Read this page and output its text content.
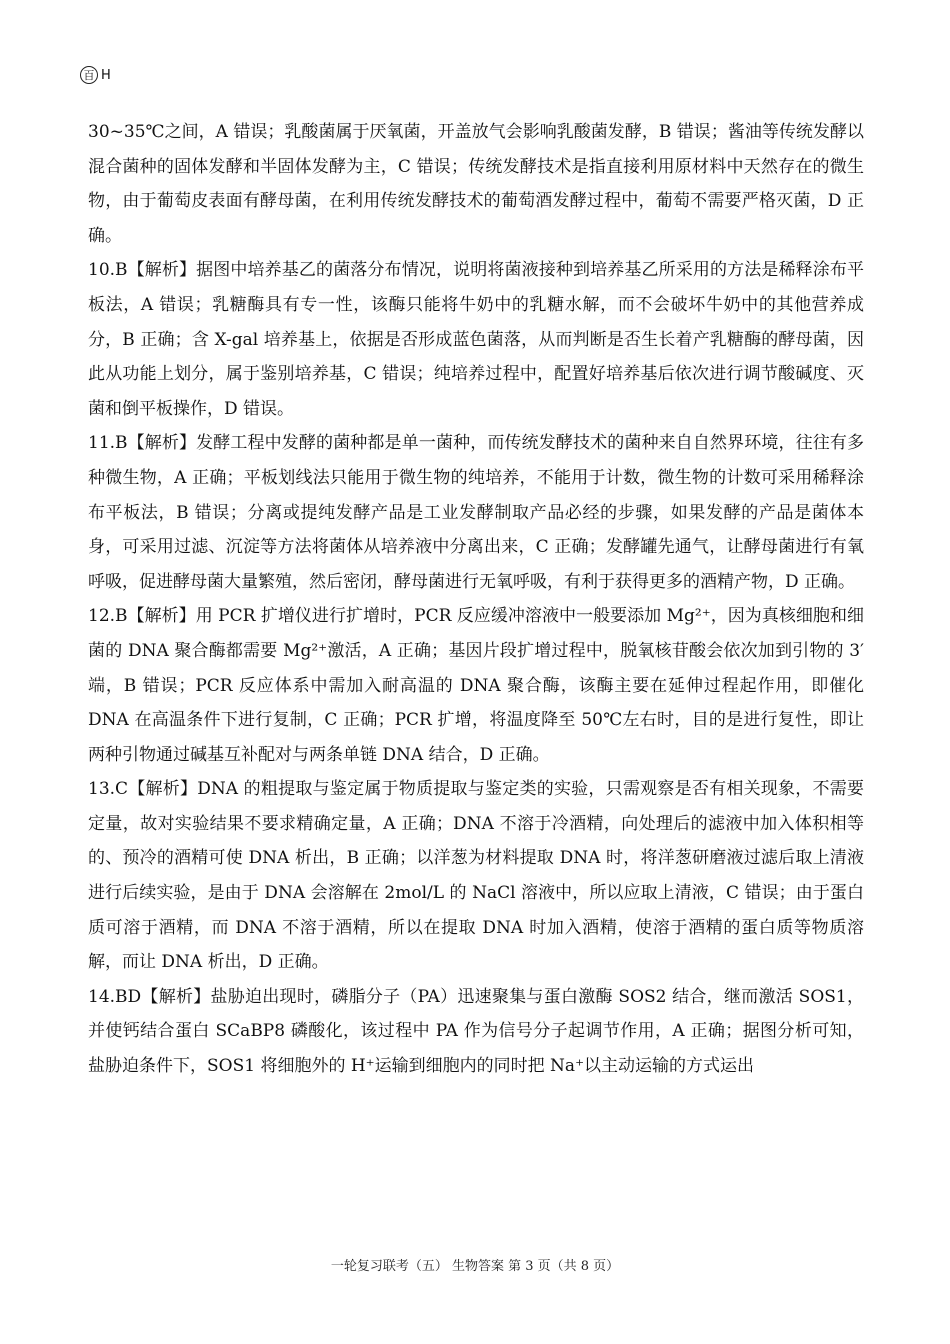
百 H

30~35℃之间，A 错误；乳酸菌属于厌氧菌，开盖放气会影响乳酸菌发酵，B 错误；酱油等传统发酵以混合菌种的固体发酵和半固体发酵为主，C 错误；传统发酵技术是指直接利用原材料中天然存在的微生物，由于葡萄皮表面有酵母菌，在利用传统发酵技术的葡萄酒发酵过程中，葡萄不需要严格灭菌，D 正确。

10.B【解析】据图中培养基乙的菌落分布情况，说明将菌液接种到培养基乙所采用的方法是稀释涂布平板法，A 错误；乳糖酶具有专一性，该酶只能将牛奶中的乳糖水解，而不会破坏牛奶中的其他营养成分，B 正确；含 X-gal 培养基上，依据是否形成蓝色菌落，从而判断是否生长着产乳糖酶的酵母菌，因此从功能上划分，属于鉴别培养基，C 错误；纯培养过程中，配置好培养基后依次进行调节酸碱度、灭菌和倒平板操作，D 错误。

11.B【解析】发酵工程中发酵的菌种都是单一菌种，而传统发酵技术的菌种来自自然界环境，往往有多种微生物，A 正确；平板划线法只能用于微生物的纯培养，不能用于计数，微生物的计数可采用稀释涂布平板法，B 错误；分离或提纯发酵产品是工业发酵制取产品必经的步骤，如果发酵的产品是菌体本身，可采用过滤、沉淀等方法将菌体从培养液中分离出来，C 正确；发酵罐先通气，让酵母菌进行有氧呼吸，促进酵母菌大量繁殖，然后密闭，酵母菌进行无氧呼吸，有利于获得更多的酒精产物，D 正确。

12.B【解析】用 PCR 扩增仪进行扩增时，PCR 反应缓冲溶液中一般要添加 Mg²⁺，因为真核细胞和细菌的 DNA 聚合酶都需要 Mg²⁺激活，A 正确；基因片段扩增过程中，脱氧核苷酸会依次加到引物的 3′ 端，B 错误；PCR 反应体系中需加入耐高温的 DNA 聚合酶，该酶主要在延伸过程起作用，即催化 DNA 在高温条件下进行复制，C 正确；PCR 扩增，将温度降至 50℃左右时，目的是进行复性，即让两种引物通过碱基互补配对与两条单链 DNA 结合，D 正确。

13.C【解析】DNA 的粗提取与鉴定属于物质提取与鉴定类的实验，只需观察是否有相关现象，不需要定量，故对实验结果不要求精确定量，A 正确；DNA 不溶于冷酒精，向处理后的滤液中加入体积相等的、预冷的酒精可使 DNA 析出，B 正确；以洋葱为材料提取 DNA 时，将洋葱研磨液过滤后取上清液进行后续实验，是由于 DNA 会溶解在 2mol/L 的 NaCl 溶液中，所以应取上清液，C 错误；由于蛋白质可溶于酒精，而 DNA 不溶于酒精，所以在提取 DNA 时加入酒精，使溶于酒精的蛋白质等物质溶解，而让 DNA 析出，D 正确。

14.BD【解析】盐胁迫出现时，磷脂分子（PA）迅速聚集与蛋白激酶 SOS2 结合，继而激活 SOS1，并使钙结合蛋白 SCaBP8 磷酸化，该过程中 PA 作为信号分子起调节作用，A 正确；据图分析可知，盐胁迫条件下，SOS1 将细胞外的 H⁺运输到细胞内的同时把 Na⁺以主动运输的方式运出

一轮复习联考（五） 生物答案 第 3 页（共 8 页）
